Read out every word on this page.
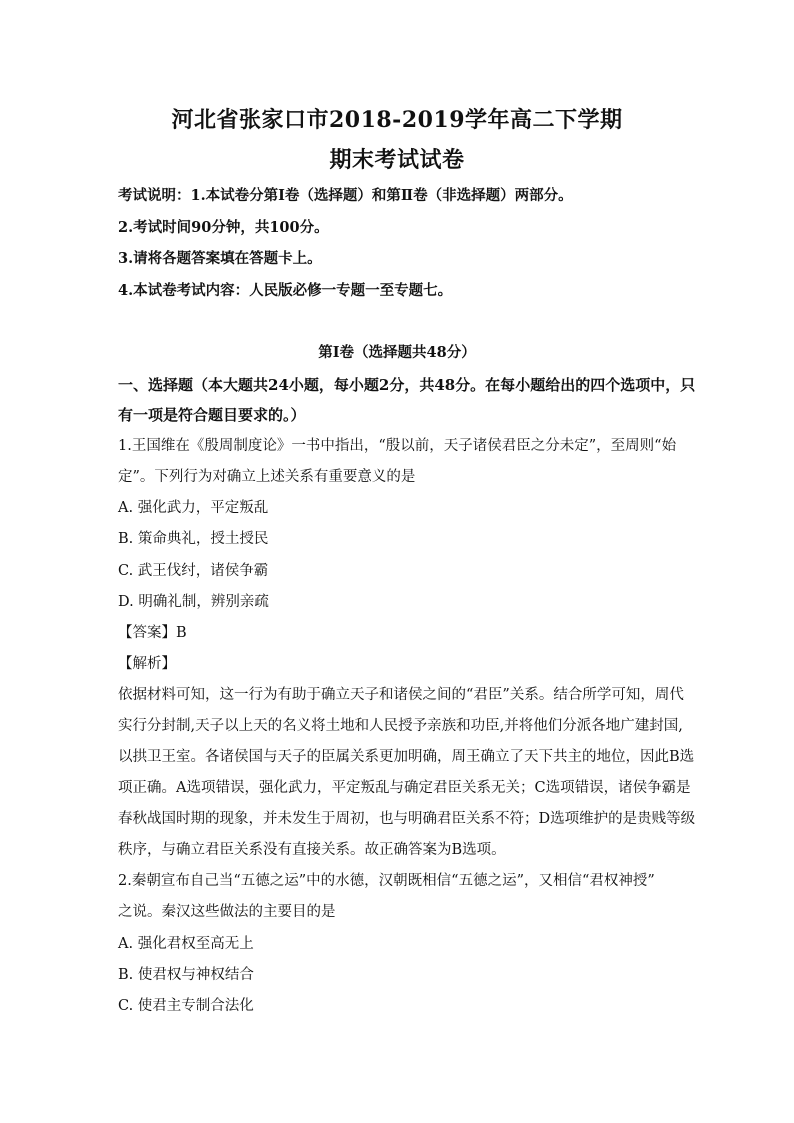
河北省张家口市2018-2019学年高二下学期
期末考试试卷
考试说明：1.本试卷分第Ⅰ卷（选择题）和第Ⅱ卷（非选择题）两部分。
2.考试时间90分钟，共100分。
3.请将各题答案填在答题卡上。
4.本试卷考试内容：人民版必修一专题一至专题七。
第Ⅰ卷（选择题共48分）
一、选择题（本大题共24小题，每小题2分，共48分。在每小题给出的四个选项中，只
有一项是符合题目要求的。）
1.王国维在《殷周制度论》一书中指出，“殷以前，天子诸侯君臣之分未定”，至周则“始
定”。下列行为对确立上述关系有重要意义的是
A. 强化武力，平定叛乱
B. 策命典礼，授土授民
C. 武王伐纣，诸侯争霸
D. 明确礼制，辨别亲疏
【答案】B
【解析】
依据材料可知，这一行为有助于确立天子和诸侯之间的“君臣”关系。结合所学可知，周代
实行分封制,天子以上天的名义将土地和人民授予亲族和功臣,并将他们分派各地广建封国,
以拱卫王室。各诸侯国与天子的臣属关系更加明确，周王确立了天下共主的地位，因此B选
项正确。A选项错误，强化武力，平定叛乱与确定君臣关系无关；C选项错误，诸侯争霸是
春秋战国时期的现象，并未发生于周初，也与明确君臣关系不符；D选项维护的是贵贱等级
秩序，与确立君臣关系没有直接关系。故正确答案为B选项。
2.秦朝宣布自己当“五德之运”中的水德，汉朝既相信“五德之运”，又相信“君权神授”
之说。秦汉这些做法的主要目的是
A. 强化君权至高无上
B. 使君权与神权结合
C. 使君主专制合法化
